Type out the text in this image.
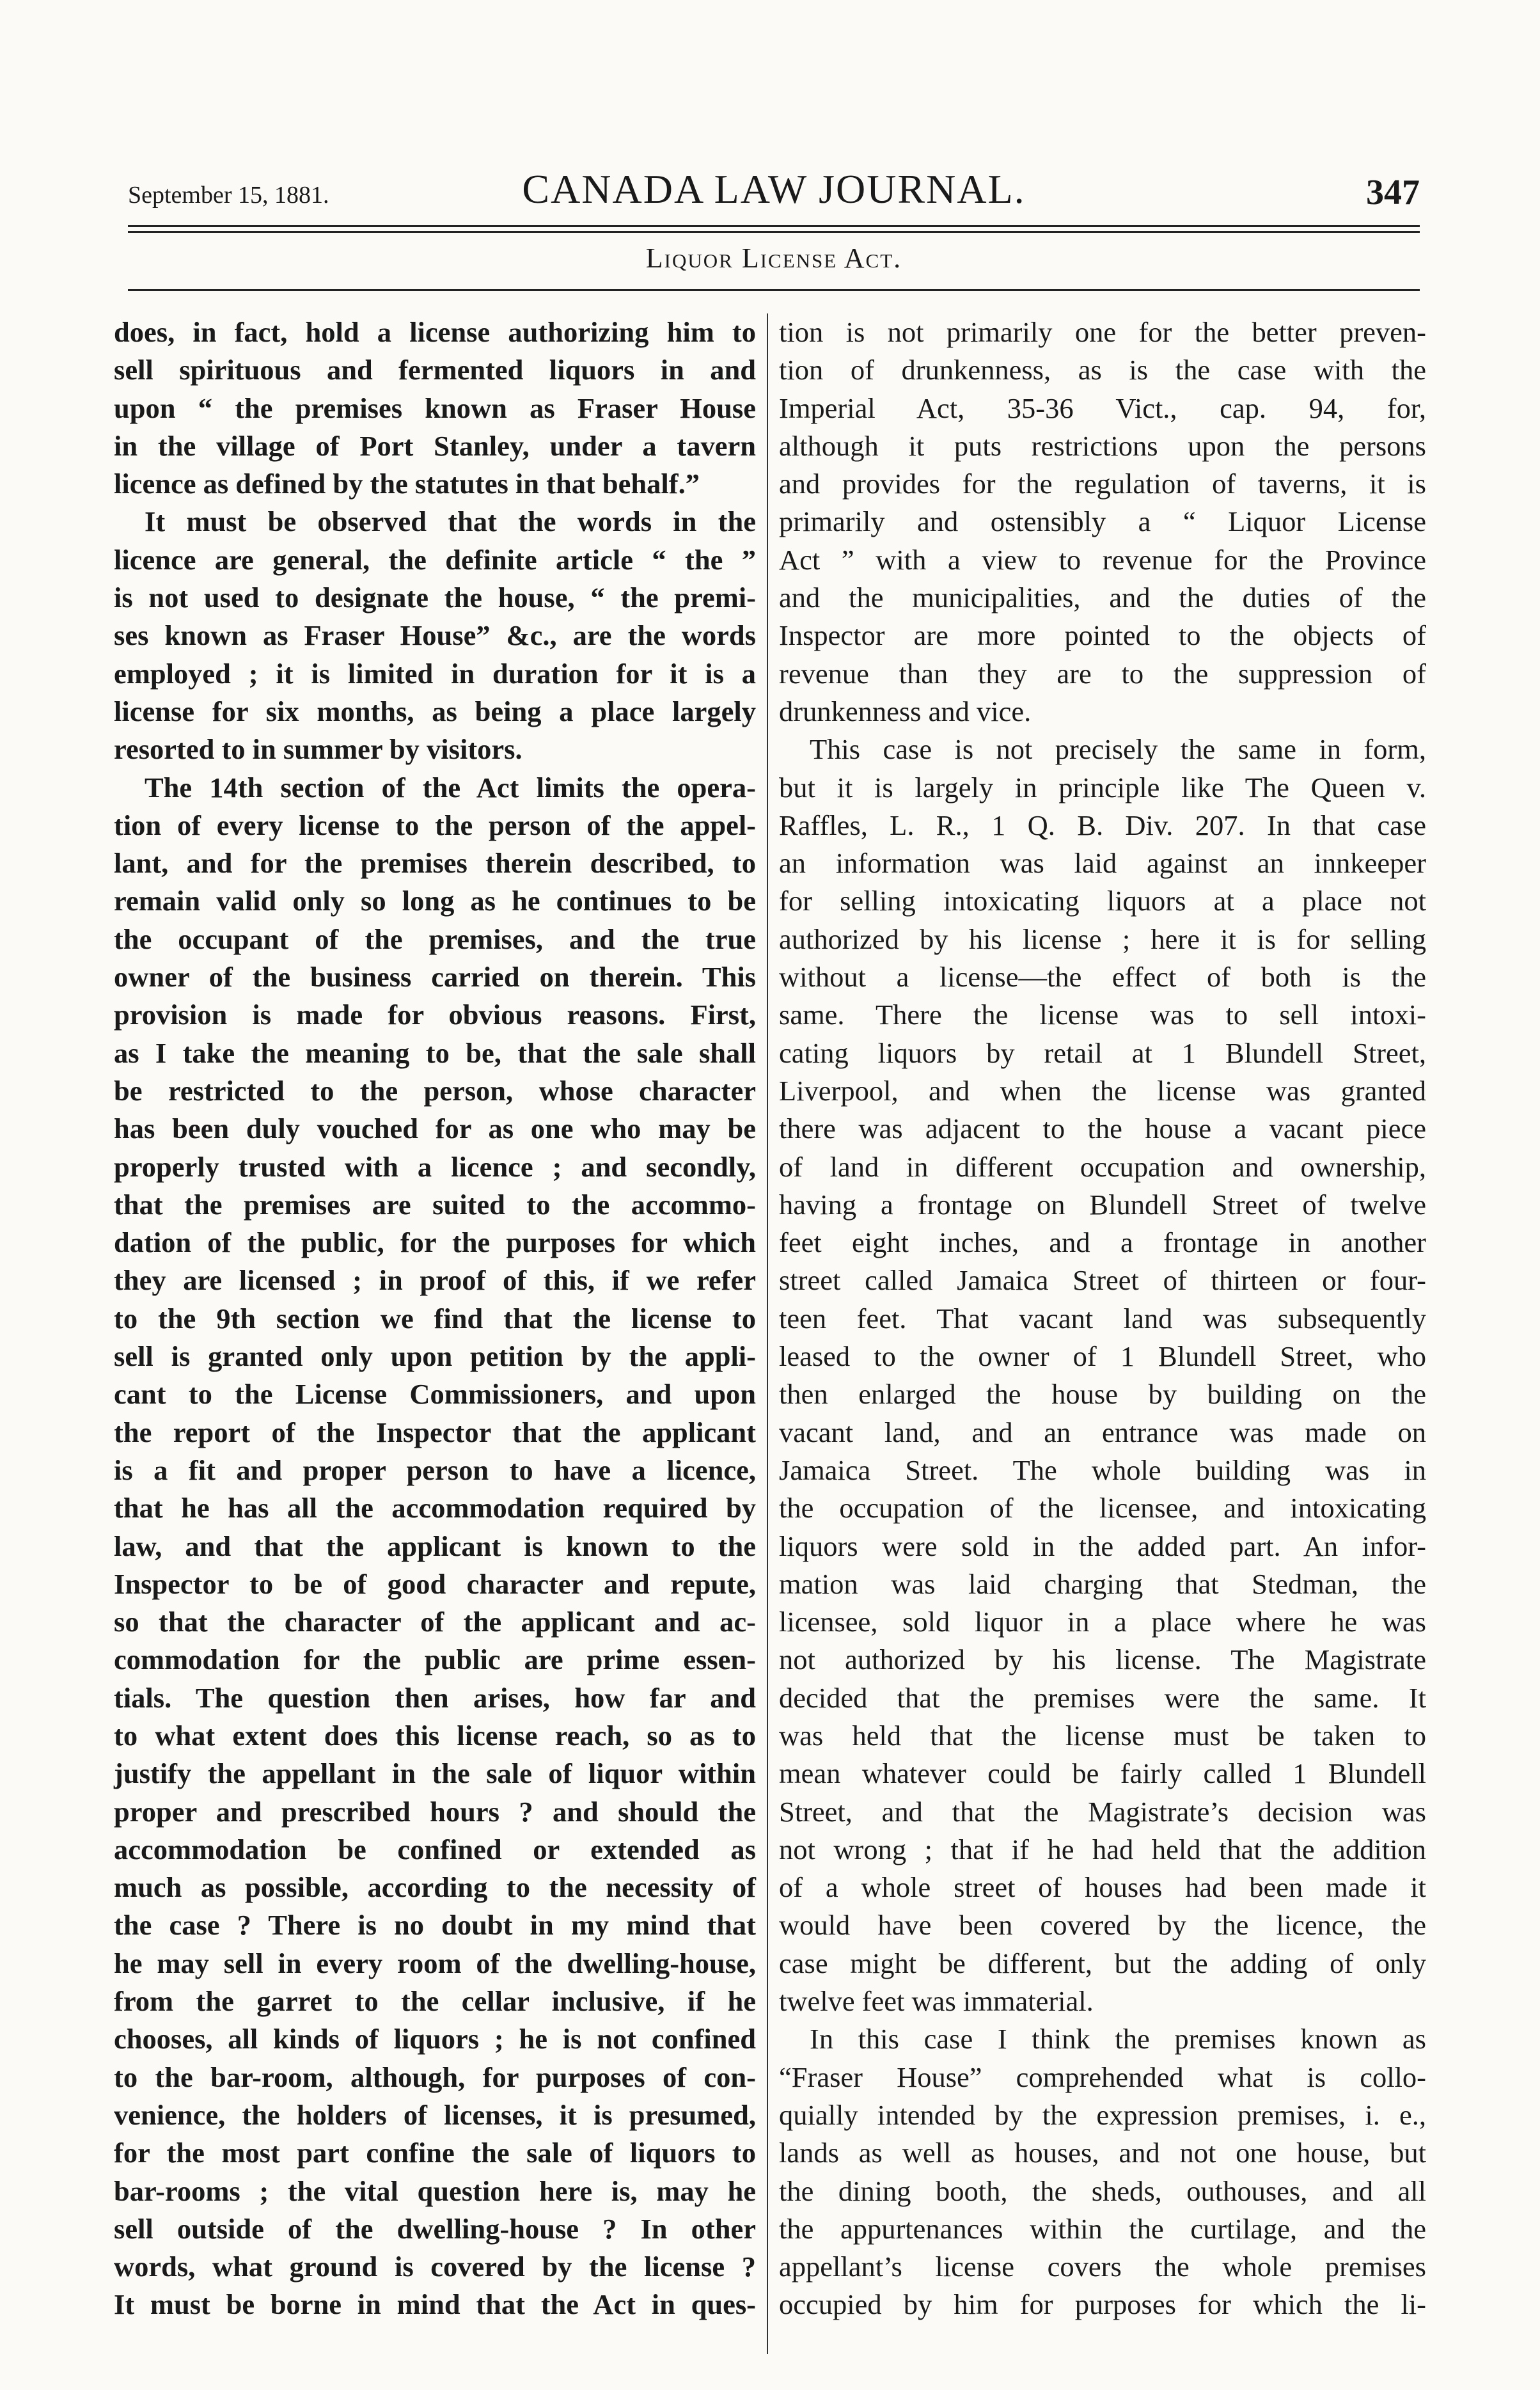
September 15, 1881.	CANADA LAW JOURNAL.	347
Liquor License Act.
does, in fact, hold a license authorizing him to
sell spirituous and fermented liquors in and
upon “ the premises known as Fraser House
in the village of Port Stanley, under a tavern
licence as defined by the statutes in that behalf.”
It must be observed that the words in the
licence are general, the definite article “ the ”
is not used to designate the house, “ the premi-
ses known as Fraser House” &c., are the words
employed ; it is limited in duration for it is a
license for six months, as being a place largely
resorted to in summer by visitors.
The 14th section of the Act limits the opera-
tion of every license to the person of the appel-
lant, and for the premises therein described, to
remain valid only so long as he continues to be
the occupant of the premises, and the true
owner of the business carried on therein. This
provision is made for obvious reasons. First,
as I take the meaning to be, that the sale shall
be restricted to the person, whose character
has been duly vouched for as one who may be
properly trusted with a licence ; and secondly,
that the premises are suited to the accommo-
dation of the public, for the purposes for which
they are licensed ; in proof of this, if we refer
to the 9th section we find that the license to
sell is granted only upon petition by the appli-
cant to the License Commissioners, and upon
the report of the Inspector that the applicant
is a fit and proper person to have a licence,
that he has all the accommodation required by
law, and that the applicant is known to the
Inspector to be of good character and repute,
so that the character of the applicant and ac-
commodation for the public are prime essen-
tials. The question then arises, how far and
to what extent does this license reach, so as to
justify the appellant in the sale of liquor within
proper and prescribed hours ? and should the
accommodation be confined or extended as
much as possible, according to the necessity of
the case ? There is no doubt in my mind that
he may sell in every room of the dwelling-house,
from the garret to the cellar inclusive, if he
chooses, all kinds of liquors ; he is not confined
to the bar-room, although, for purposes of con-
venience, the holders of licenses, it is presumed,
for the most part confine the sale of liquors to
bar-rooms ; the vital question here is, may he
sell outside of the dwelling-house ? In other
words, what ground is covered by the license ?
It must be borne in mind that the Act in ques-
tion is not primarily one for the better preven-
tion of drunkenness, as is the case with the
Imperial Act, 35-36 Vict., cap. 94, for,
although it puts restrictions upon the persons
and provides for the regulation of taverns, it is
primarily and ostensibly a “ Liquor License
Act ” with a view to revenue for the Province
and the municipalities, and the duties of the
Inspector are more pointed to the objects of
revenue than they are to the suppression of
drunkenness and vice.
This case is not precisely the same in form,
but it is largely in principle like The Queen v.
Raffles, L. R., 1 Q. B. Div. 207. In that case
an information was laid against an innkeeper
for selling intoxicating liquors at a place not
authorized by his license ; here it is for selling
without a license—the effect of both is the
same. There the license was to sell intoxi-
cating liquors by retail at 1 Blundell Street,
Liverpool, and when the license was granted
there was adjacent to the house a vacant piece
of land in different occupation and ownership,
having a frontage on Blundell Street of twelve
feet eight inches, and a frontage in another
street called Jamaica Street of thirteen or four-
teen feet. That vacant land was subsequently
leased to the owner of 1 Blundell Street, who
then enlarged the house by building on the
vacant land, and an entrance was made on
Jamaica Street. The whole building was in
the occupation of the licensee, and intoxicating
liquors were sold in the added part. An infor-
mation was laid charging that Stedman, the
licensee, sold liquor in a place where he was
not authorized by his license. The Magistrate
decided that the premises were the same. It
was held that the license must be taken to
mean whatever could be fairly called 1 Blundell
Street, and that the Magistrate’s decision was
not wrong ; that if he had held that the addition
of a whole street of houses had been made it
would have been covered by the licence, the
case might be different, but the adding of only
twelve feet was immaterial.
In this case I think the premises known as
“Fraser House” comprehended what is collo-
quially intended by the expression premises, i. e.,
lands as well as houses, and not one house, but
the dining booth, the sheds, outhouses, and all
the appurtenances within the curtilage, and the
appellant’s license covers the whole premises
occupied by him for purposes for which the li-
